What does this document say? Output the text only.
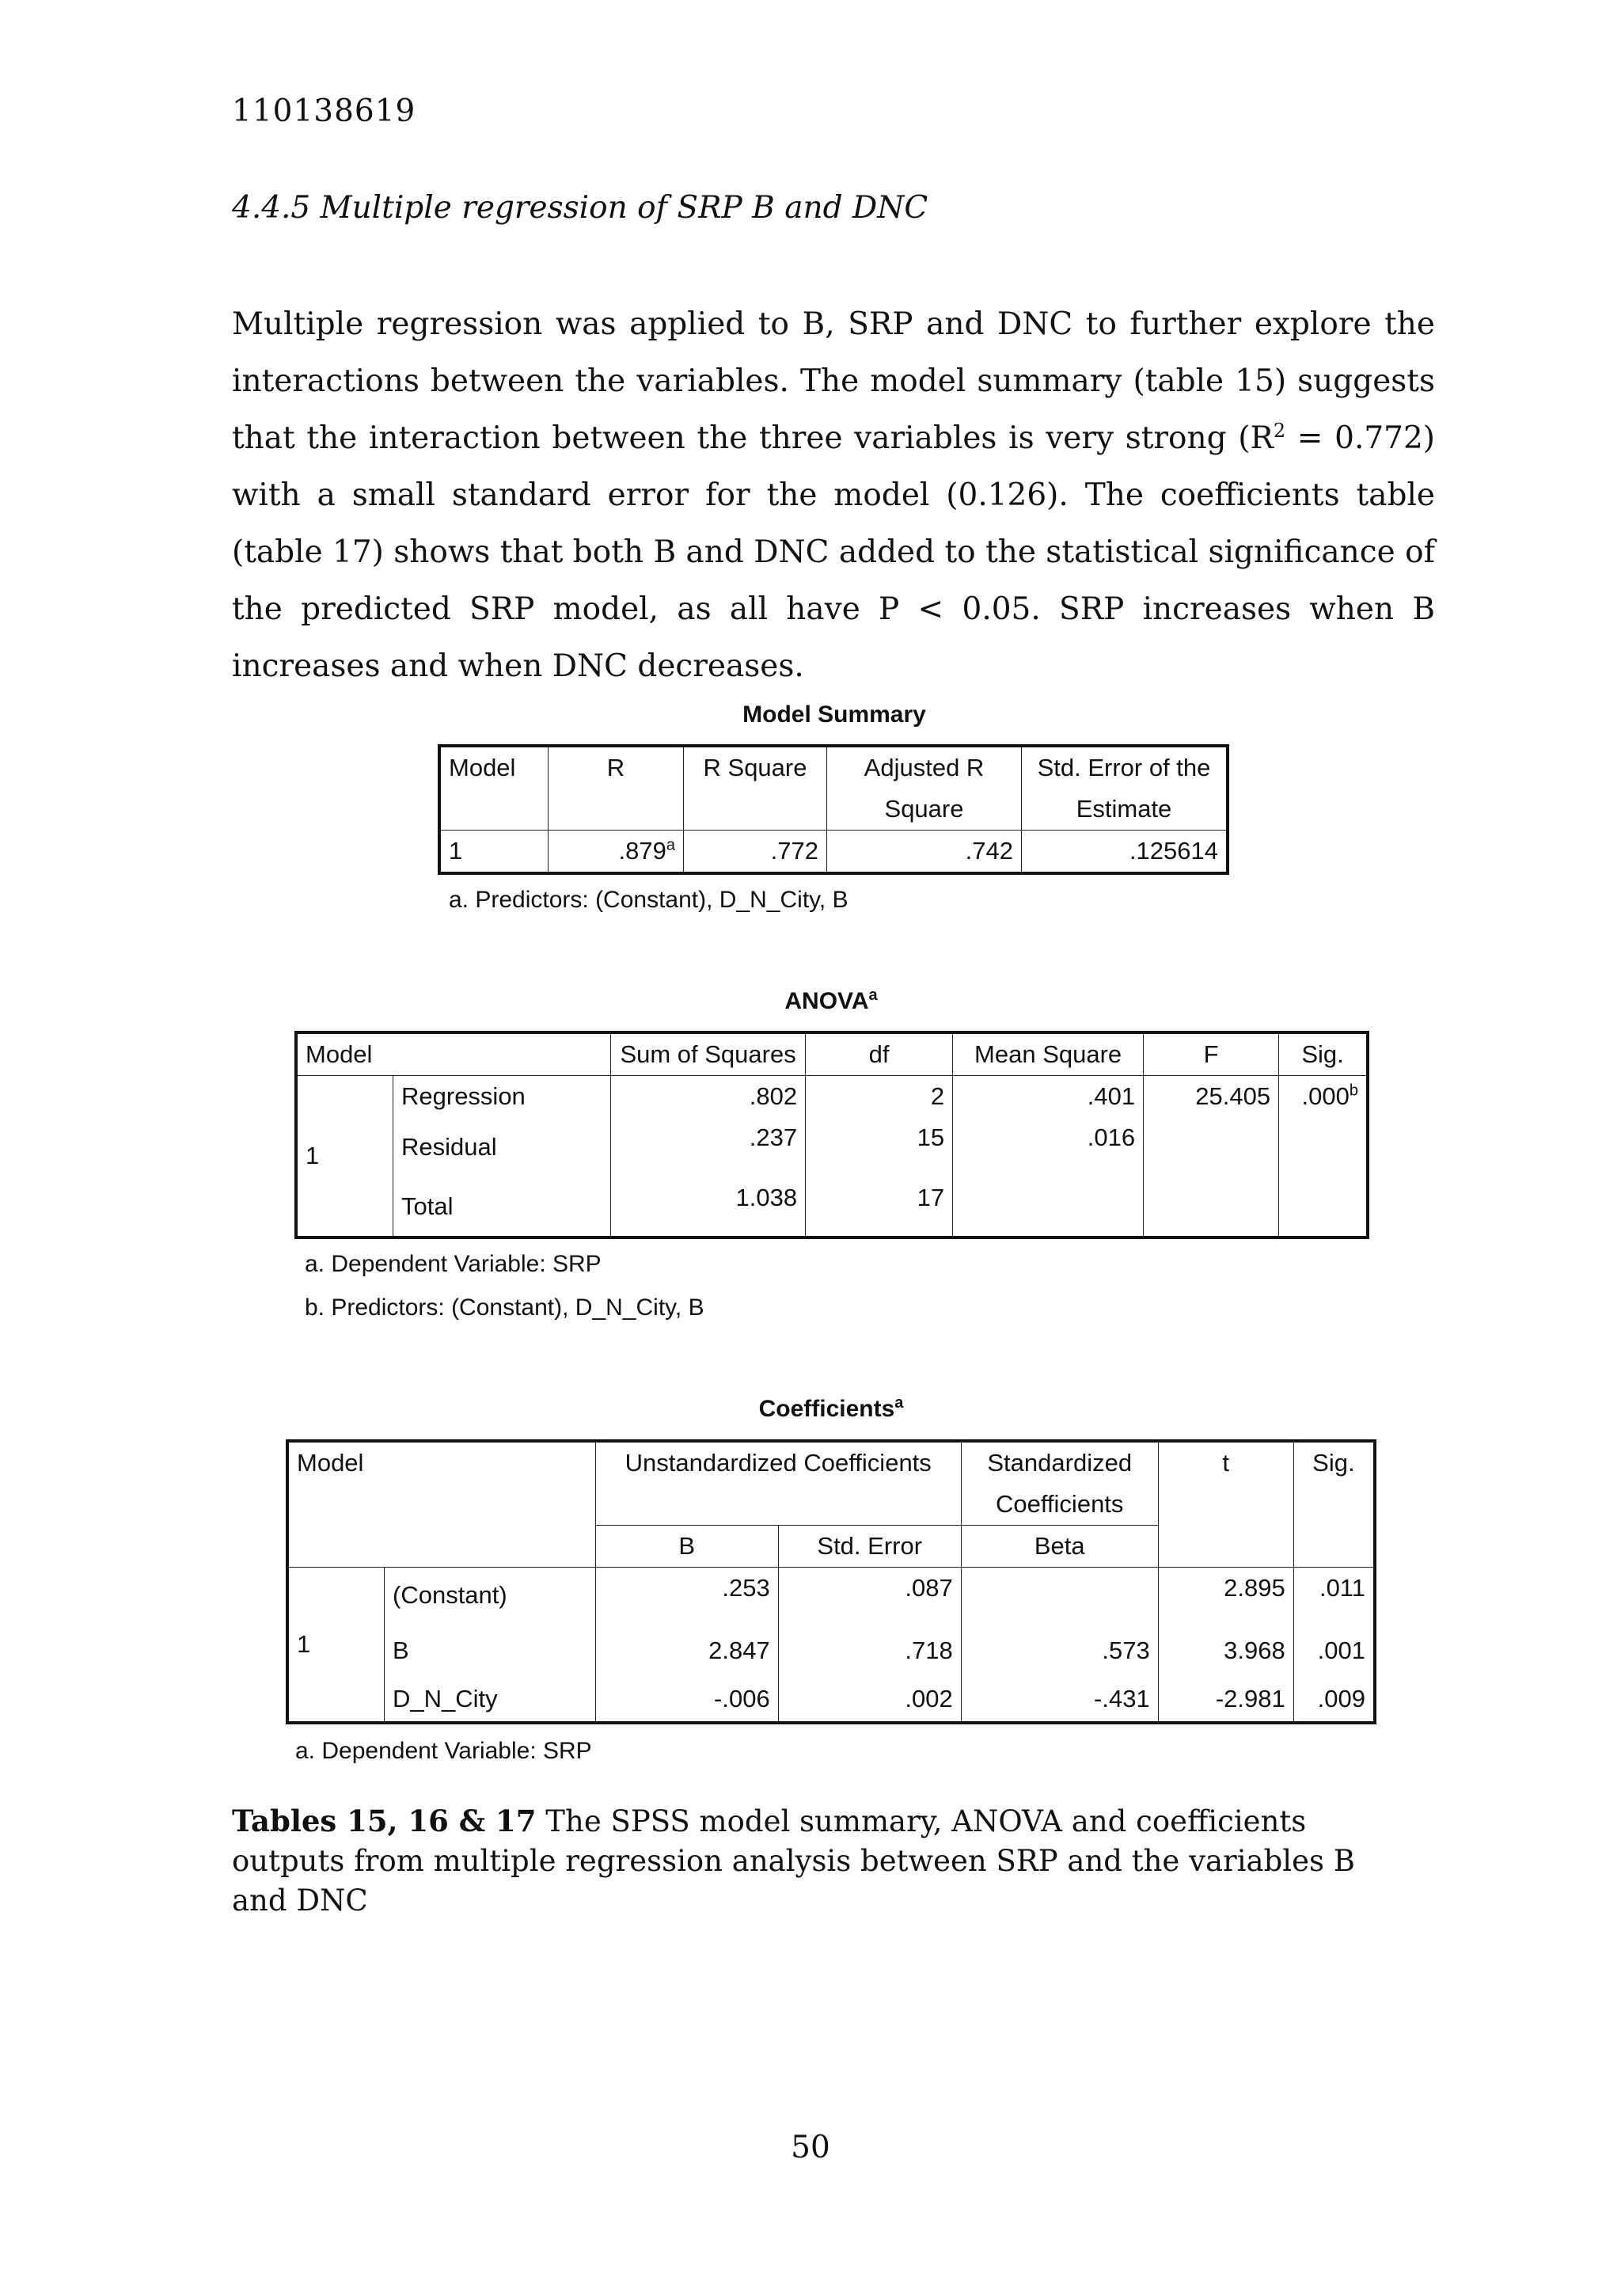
110138619
4.4.5 Multiple regression of SRP B and DNC
Multiple regression was applied to B, SRP and DNC to further explore the interactions between the variables. The model summary (table 15) suggests that the interaction between the three variables is very strong $(R^2 = 0.772)$ with a small standard error for the model (0.126). The coefficients table (table 17) shows that both B and DNC added to the statistical significance of the predicted SRP model, as all have P < 0.05. SRP increases when B increases and when DNC decreases.
Model Summary
Model	R	R Square	Adjusted R Square	Std. Error of the Estimate
1	.879$^a$	.772	.742	.125614
a. Predictors: (Constant), D_N_City, B
ANOVA$^a$
Model		Sum of Squares	df	Mean Square	F	Sig.
1	Regression	.802	2	.401	25.405	.000$^b$
	Residual	.237	15	.016		
	Total	1.038	17			
a. Dependent Variable: SRP
b. Predictors: (Constant), D_N_City, B
Coefficients$^a$
Model		Unstandardized Coefficients		Standardized Coefficients	t	Sig.
		B	Std. Error	Beta		
1	(Constant)	.253	.087		2.895	.011
	B	2.847	.718	.573	3.968	.001
	D_N_City	-.006	.002	-.431	-2.981	.009
a. Dependent Variable: SRP
Tables 15, 16 & 17 The SPSS model summary, ANOVA and coefficients outputs from multiple regression analysis between SRP and the variables B and DNC
50
